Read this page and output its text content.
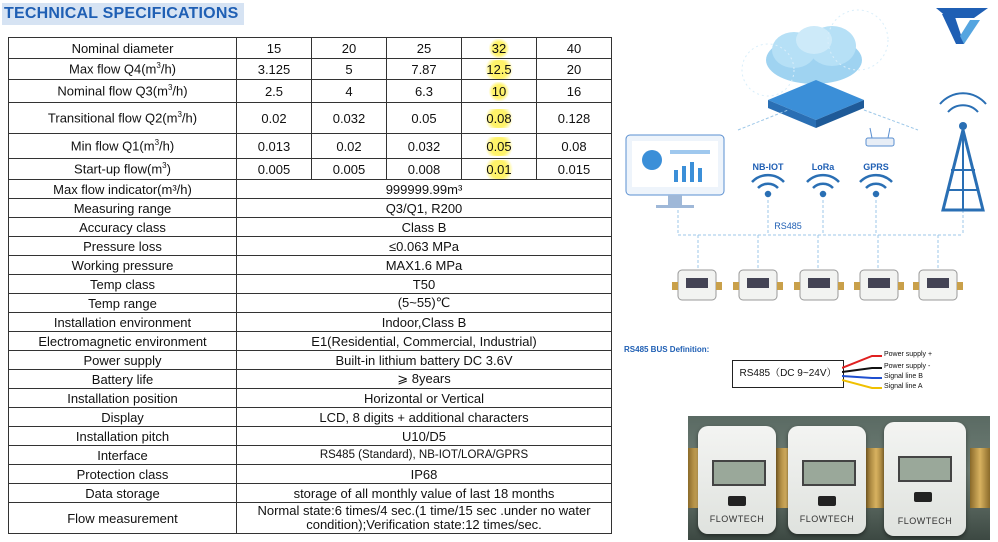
TECHNICAL SPECIFICATIONS
Nominal diameter	15	20	25	32	40
Max flow $Q4(m^3/h)$	3.125	5	7.87	12.5	20
Nominal flow $Q3(m^3/h)$	2.5	4	6.3	10	16
Transitional flow $Q2(m^3/h)$	0.02	0.032	0.05	0.08	0.128
Min flow $Q1(m^3/h)$	0.013	0.02	0.032	0.05	0.08
Start-up $flow(m^3)$	0.005	0.005	0.008	0.01	0.015
Max flow indicator(m³/h)	999999.99m³				
Measuring range	Q3/Q1, R200				
Accuracy class	Class B				
Pressure loss	≤0.063 MPa				
Working pressure	MAX1.6 MPa				
Temp class	T50				
Temp range	(5~55)℃				
Installation environment	Indoor,Class B				
Electromagnetic environment	E1(Residential, Commercial, Industrial)				
Power supply	Built-in lithium battery DC 3.6V				
Battery life	⩾ 8years				
Installation position	Horizontal or Vertical				
Display	LCD, 8 digits + additional characters				
Installation pitch	U10/D5				
Interface	RS485 (Standard), NB-IOT/LORA/GPRS				
Protection class	IP68				
Data storage	storage of all monthly value of last 18 months				
Flow measurement	Normal state:6 times/4 sec.(1 time/15 sec .under no water condition);Verification state:12 times/sec.				
NB-IOT	LoRa	GPRS
RS485
RS485 BUS Definition:
RS485（DC 9~24V）
Power supply +
Power supply -
Signal line B
Signal line A
FLOWTECH	FLOWTECH	FLOWTECH
